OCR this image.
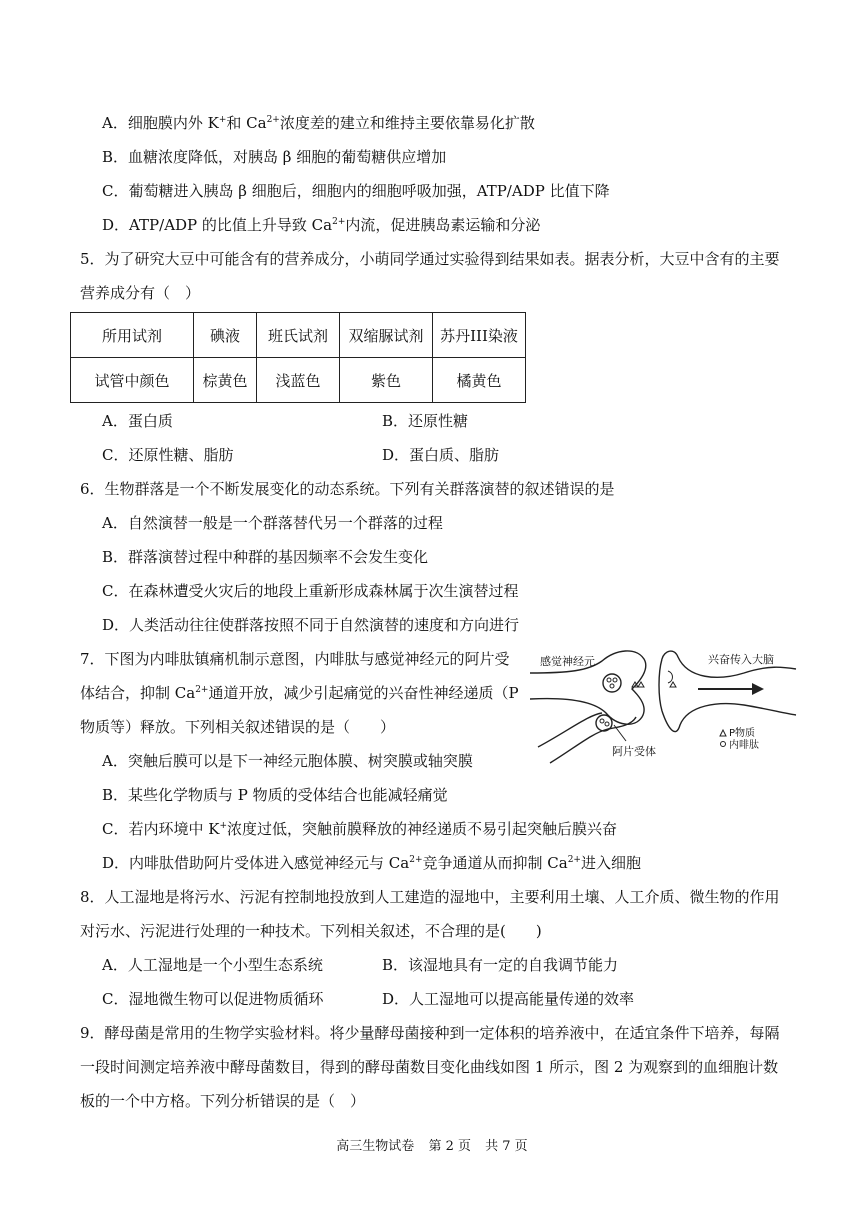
A．细胞膜内外 K+和 $Ca^{2+}$浓度差的建立和维持主要依靠易化扩散
B．血糖浓度降低，对胰岛 β 细胞的葡萄糖供应增加
C．葡萄糖进入胰岛 β 细胞后，细胞内的细胞呼吸加强，ATP/ADP 比值下降
D．ATP/ADP 的比值上升导致 $Ca^{2+}$内流，促进胰岛素运输和分泌
5．为了研究大豆中可能含有的营养成分，小萌同学通过实验得到结果如表。据表分析，大豆中含有的主要
营养成分有（　）
所用试剂	碘液	班氏试剂	双缩脲试剂	苏丹III染液
试管中颜色	棕黄色	浅蓝色	紫色	橘黄色
A．蛋白质	B．还原性糖
C．还原性糖、脂肪	D．蛋白质、脂肪
6．生物群落是一个不断发展变化的动态系统。下列有关群落演替的叙述错误的是
A．自然演替一般是一个群落替代另一个群落的过程
B．群落演替过程中种群的基因频率不会发生变化
C．在森林遭受火灾后的地段上重新形成森林属于次生演替过程
D．人类活动往往使群落按照不同于自然演替的速度和方向进行
7．下图为内啡肽镇痛机制示意图，内啡肽与感觉神经元的阿片受
体结合，抑制 $Ca^{2+}$通道开放，减少引起痛觉的兴奋性神经递质（P
物质等）释放。下列相关叙述错误的是（　　）
A．突触后膜可以是下一神经元胞体膜、树突膜或轴突膜
B．某些化学物质与 P 物质的受体结合也能减轻痛觉
C．若内环境中 K+浓度过低，突触前膜释放的神经递质不易引起突触后膜兴奋
D．内啡肽借助阿片受体进入感觉神经元与 $Ca^{2+}$竞争通道从而抑制 $Ca^{2+}$进入细胞
感觉神经元	兴奋传入大脑
阿片受体
P物质
内啡肽
8．人工湿地是将污水、污泥有控制地投放到人工建造的湿地中，主要利用土壤、人工介质、微生物的作用
对污水、污泥进行处理的一种技术。下列相关叙述，不合理的是(　　)
A．人工湿地是一个小型生态系统	B．该湿地具有一定的自我调节能力
C．湿地微生物可以促进物质循环	D．人工湿地可以提高能量传递的效率
9．酵母菌是常用的生物学实验材料。将少量酵母菌接种到一定体积的培养液中，在适宜条件下培养，每隔
一段时间测定培养液中酵母菌数目，得到的酵母菌数目变化曲线如图 1 所示，图 2 为观察到的血细胞计数
板的一个中方格。下列分析错误的是（　）
高三生物试卷 第 2 页 共 7 页
